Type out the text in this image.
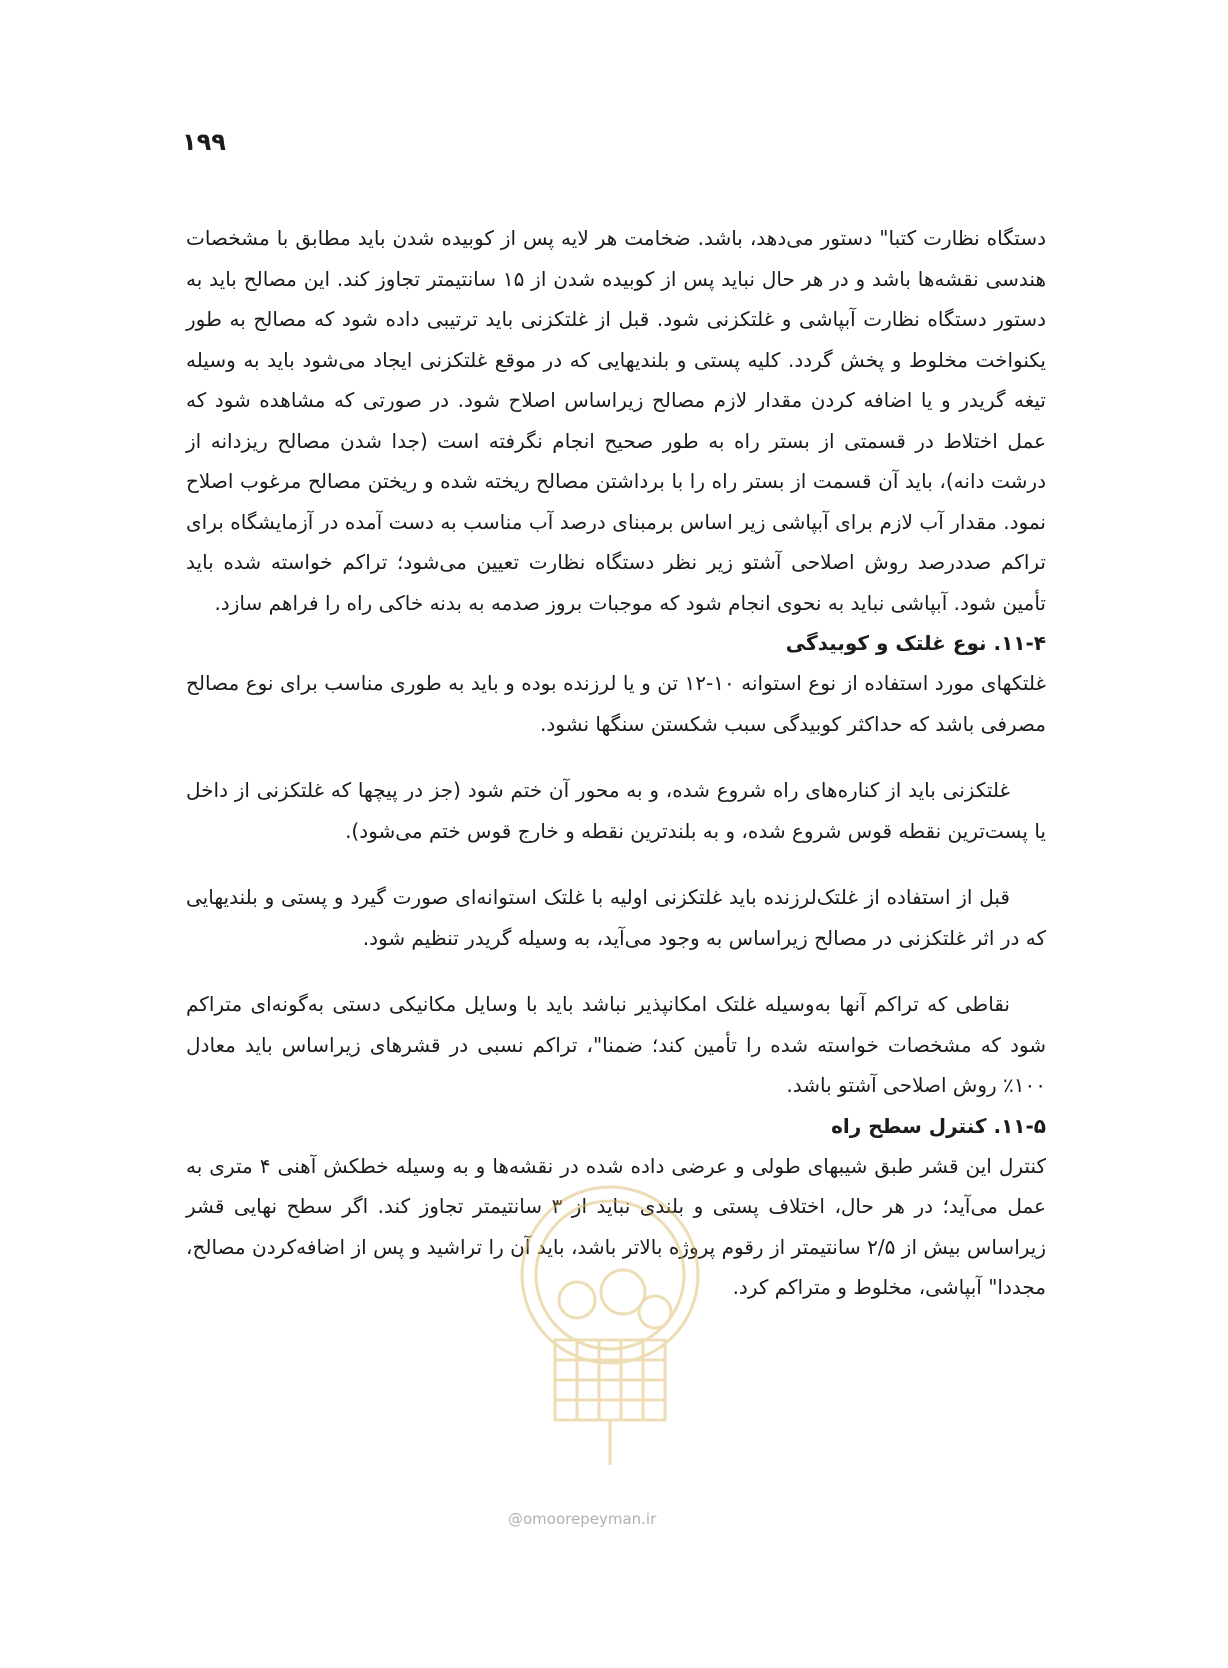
۱۹۹

دستگاه نظارت کتبا" دستور می‌دهد، باشد. ضخامت هر لایه پس از کوبیده شدن باید مطابق با مشخصات هندسی نقشه‌ها باشد و در هر حال نباید پس از کوبیده شدن از ۱۵ سانتیمتر تجاوز کند. این مصالح باید به دستور دستگاه نظارت آبپاشی و غلتکزنی شود. قبل از غلتکزنی باید ترتیبی داده شود که مصالح به طور یکنواخت مخلوط و پخش گردد. کلیه پستی و بلندیهایی که در موقع غلتکزنی ایجاد می‌شود باید به وسیله تیغه گریدر و یا اضافه کردن مقدار لازم مصالح زیراساس اصلاح شود. در صورتی که مشاهده شود که عمل اختلاط در قسمتی از بستر راه به طور صحیح انجام نگرفته است (جدا شدن مصالح ریزدانه از درشت دانه)، باید آن قسمت از بستر راه را با برداشتن مصالح ریخته شده و ریختن مصالح مرغوب اصلاح نمود. مقدار آب لازم برای آبپاشی زیر اساس برمبنای درصد آب مناسب به دست آمده در آزمایشگاه برای تراکم صددرصد روش اصلاحی آشتو زیر نظر دستگاه نظارت تعیین می‌شود؛ تراکم خواسته شده باید تأمین شود. آبپاشی نباید به نحوی انجام شود که موجبات بروز صدمه به بدنه خاکی راه را فراهم سازد.

۱۱-۴. نوع غلتک و کوبیدگی

غلتکهای مورد استفاده از نوع استوانه ۱۰-۱۲ تن و یا لرزنده بوده و باید به طوری مناسب برای نوع مصالح مصرفی باشد که حداکثر کوبیدگی سبب شکستن سنگها نشود.

غلتکزنی باید از کناره‌های راه شروع شده، و به محور آن ختم شود (جز در پیچها که غلتکزنی از داخل یا پست‌ترین نقطه قوس شروع شده، و به بلندترین نقطه و خارج قوس ختم می‌شود).

قبل از استفاده از غلتک‌لرزنده باید غلتکزنی اولیه با غلتک استوانه‌ای صورت گیرد و پستی و بلندیهایی که در اثر غلتکزنی در مصالح زیراساس به وجود می‌آید، به وسیله گریدر تنظیم شود.

نقاطی که تراکم آنها به‌وسیله غلتک امکانپذیر نباشد باید با وسایل مکانیکی دستی به‌گونه‌ای متراکم شود که مشخصات خواسته شده را تأمین کند؛ ضمنا"، تراکم نسبی در قشرهای زیراساس باید معادل ۱۰۰٪ روش اصلاحی آشتو باشد.

۱۱-۵. کنترل سطح راه

کنترل این قشر طبق شیبهای طولی و عرضی داده شده در نقشه‌ها و به وسیله خطکش آهنی ۴ متری به عمل می‌آید؛ در هر حال، اختلاف پستی و بلندی نباید از ۳ سانتیمتر تجاوز کند. اگر سطح نهایی قشر زیراساس بیش از ۲/۵ سانتیمتر از رقوم پروژه بالاتر باشد، باید آن را تراشید و پس از اضافه‌کردن مصالح، مجددا" آبپاشی، مخلوط و متراکم کرد.

@omoorepeyman.ir
